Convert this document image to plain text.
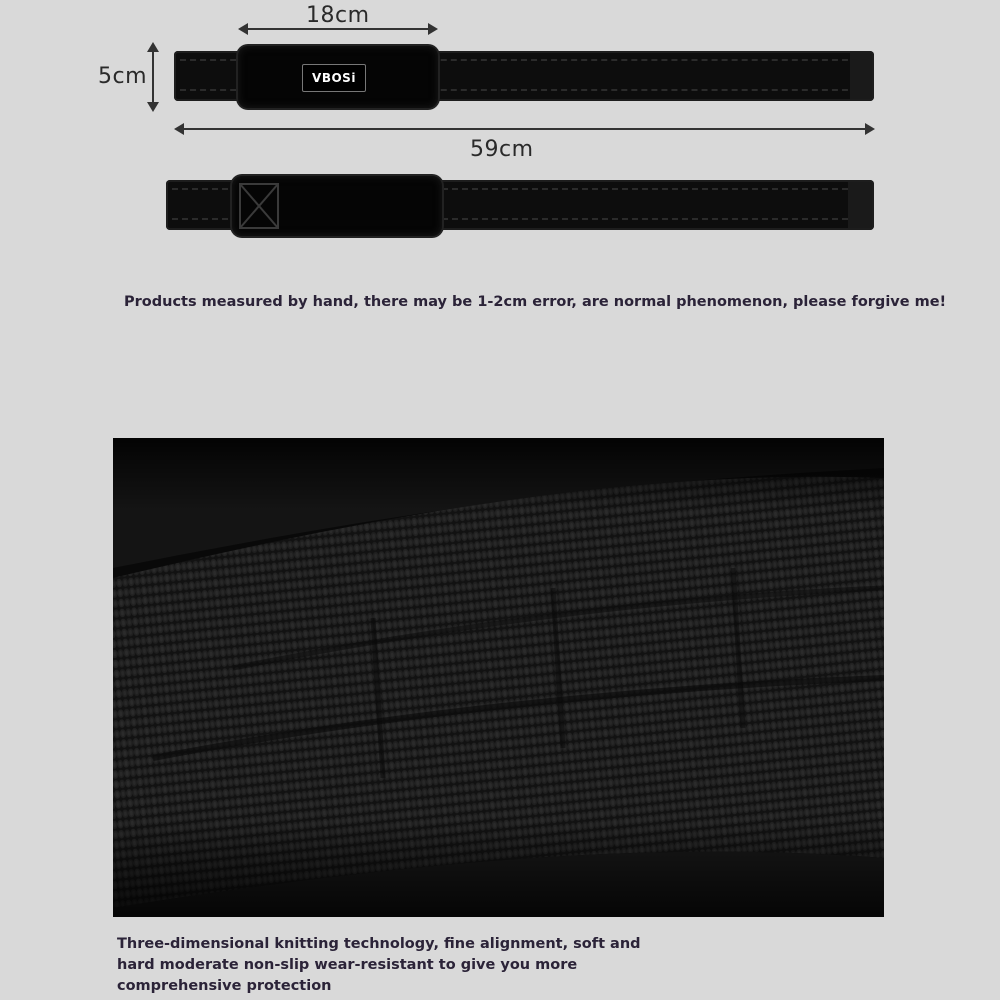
18cm
5cm	VBOSi
59cm
Products measured by hand, there may be 1-2cm error, are normal phenomenon, please forgive me!
Three-dimensional knitting technology, fine alignment, soft and
hard moderate non-slip wear-resistant to give you more
comprehensive protection
